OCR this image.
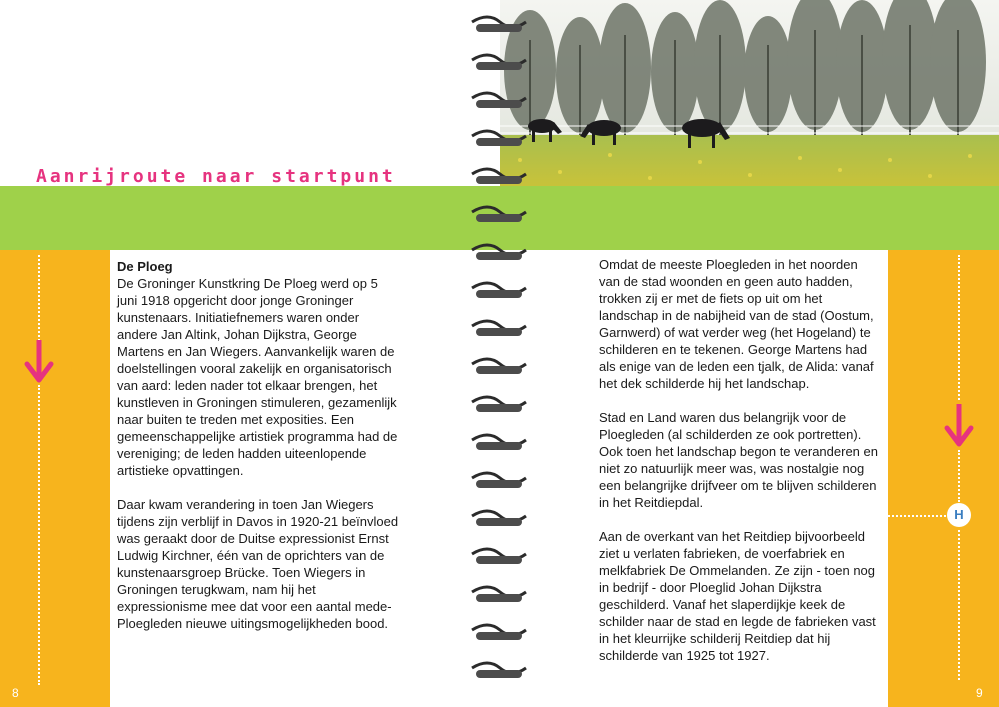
H
Aanrijroute naar startpunt

De Ploeg

De Groninger Kunstkring De Ploeg werd op 5 juni 1918 opgericht door jonge Groninger kunstenaars. Initiatiefnemers waren onder andere Jan Altink, Johan Dijkstra, George Martens en Jan Wiegers. Aanvankelijk waren de doelstellingen vooral zakelijk en organisatorisch van aard: leden nader tot elkaar brengen, het kunstleven in Groningen stimuleren, gezamenlijk naar buiten te treden met exposities. Een gemeenschappelijke artistiek programma had de vereniging; de leden hadden uiteenlopende artistieke opvattingen.

Daar kwam verandering in toen Jan Wiegers tijdens zijn verblijf in Davos in 1920-21 beïnvloed was geraakt door de Duitse expressionist Ernst Ludwig Kirchner, één van de oprichters van de kunstenaarsgroep Brücke. Toen Wiegers in Groningen terugkwam, nam hij het expressionisme mee dat voor een aantal mede-Ploegleden nieuwe uitingsmogelijkheden bood.

Omdat de meeste Ploegleden in het noorden van de stad woonden en geen auto hadden, trokken zij er met de fiets op uit om het landschap in de nabijheid van de stad (Oostum, Garnwerd) of wat verder weg (het Hogeland) te schilderen en te tekenen. George Martens had als enige van de leden een tjalk, de Alida: vanaf het dek schilderde hij het landschap.

Stad en Land waren dus belangrijk voor de Ploegleden (al schilderden ze ook portretten).

Ook toen het landschap begon te veranderen en niet zo natuurlijk meer was, was nostalgie nog een belangrijke drijfveer om te blijven schilderen in het Reitdiepdal.

Aan de overkant van het Reitdiep bijvoorbeeld ziet u verlaten fabrieken, de voerfabriek en melkfabriek De Ommelanden. Ze zijn - toen nog in bedrijf - door Ploeglid Johan Dijkstra geschilderd. Vanaf het slaperdijkje keek de schilder naar de stad en legde de fabrieken vast in het kleurrijke schilderij Reitdiep dat hij schilderde van 1925 tot 1927.

8	9
